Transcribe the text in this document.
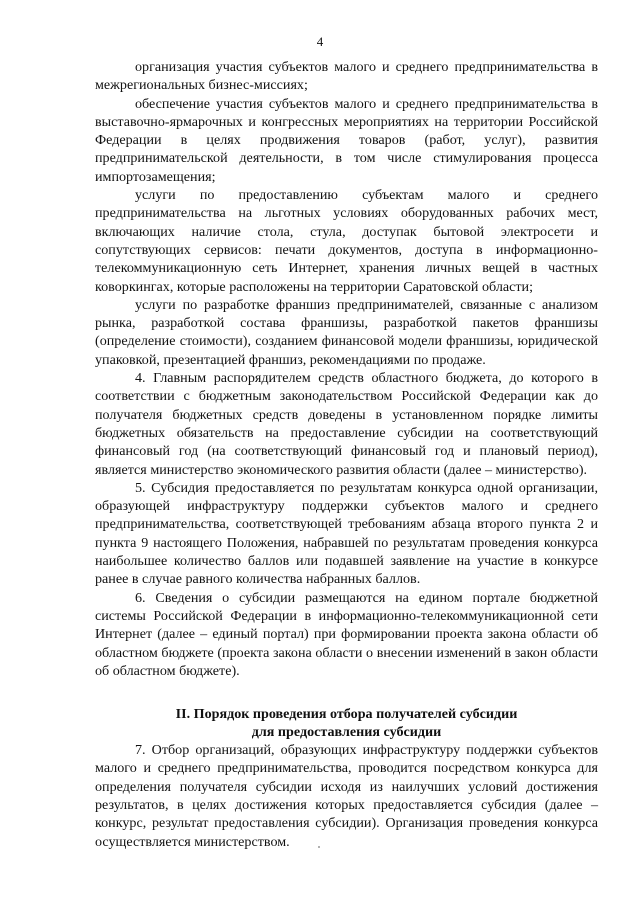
4

организация участия субъектов малого и среднего предпринимательства в межрегиональных бизнес-миссиях;

обеспечение участия субъектов малого и среднего предпринимательства в выставочно-ярмарочных и конгрессных мероприятиях на территории Российской Федерации в целях продвижения товаров (работ, услуг), развития предпринимательской деятельности, в том числе стимулирования процесса импортозамещения;

услуги по предоставлению субъектам малого и среднего предпринимательства на льготных условиях оборудованных рабочих мест, включающих наличие стола, стула, доступак бытовой электросети и сопутствующих сервисов: печати документов, доступа в информационно-телекоммуникационную сеть Интернет, хранения личных вещей в частных коворкингах, которые расположены на территории Саратовской области;

услуги по разработке франшиз предпринимателей, связанные с анализом рынка, разработкой состава франшизы, разработкой пакетов франшизы (определение стоимости), созданием финансовой модели франшизы, юридической упаковкой, презентацией франшиз, рекомендациями по продаже.

4. Главным распорядителем средств областного бюджета, до которого в соответствии с бюджетным законодательством Российской Федерации как до получателя бюджетных средств доведены в установленном порядке лимиты бюджетных обязательств на предоставление субсидии на соответствующий финансовый год (на соответствующий финансовый год и плановый период), является министерство экономического развития области (далее – министерство).

5. Субсидия предоставляется по результатам конкурса одной организации, образующей инфраструктуру поддержки субъектов малого и среднего предпринимательства, соответствующей требованиям абзаца второго пункта 2 и пункта 9 настоящего Положения, набравшей по результатам проведения конкурса наибольшее количество баллов или подавшей заявление на участие в конкурсе ранее в случае равного количества набранных баллов.

6. Сведения о субсидии размещаются на едином портале бюджетной системы Российской Федерации в информационно-телекоммуникационной сети Интернет (далее – единый портал) при формировании проекта закона области об областном бюджете (проекта закона области о внесении изменений в закон области об областном бюджете).

II. Порядок проведения отбора получателей субсидии
для предоставления субсидии

7. Отбор организаций, образующих инфраструктуру поддержки субъектов малого и среднего предпринимательства, проводится посредством конкурса для определения получателя субсидии исходя из наилучших условий достижения результатов, в целях достижения которых предоставляется субсидия (далее – конкурс, результат предоставления субсидии). Организация проведения конкурса осуществляется министерством.
